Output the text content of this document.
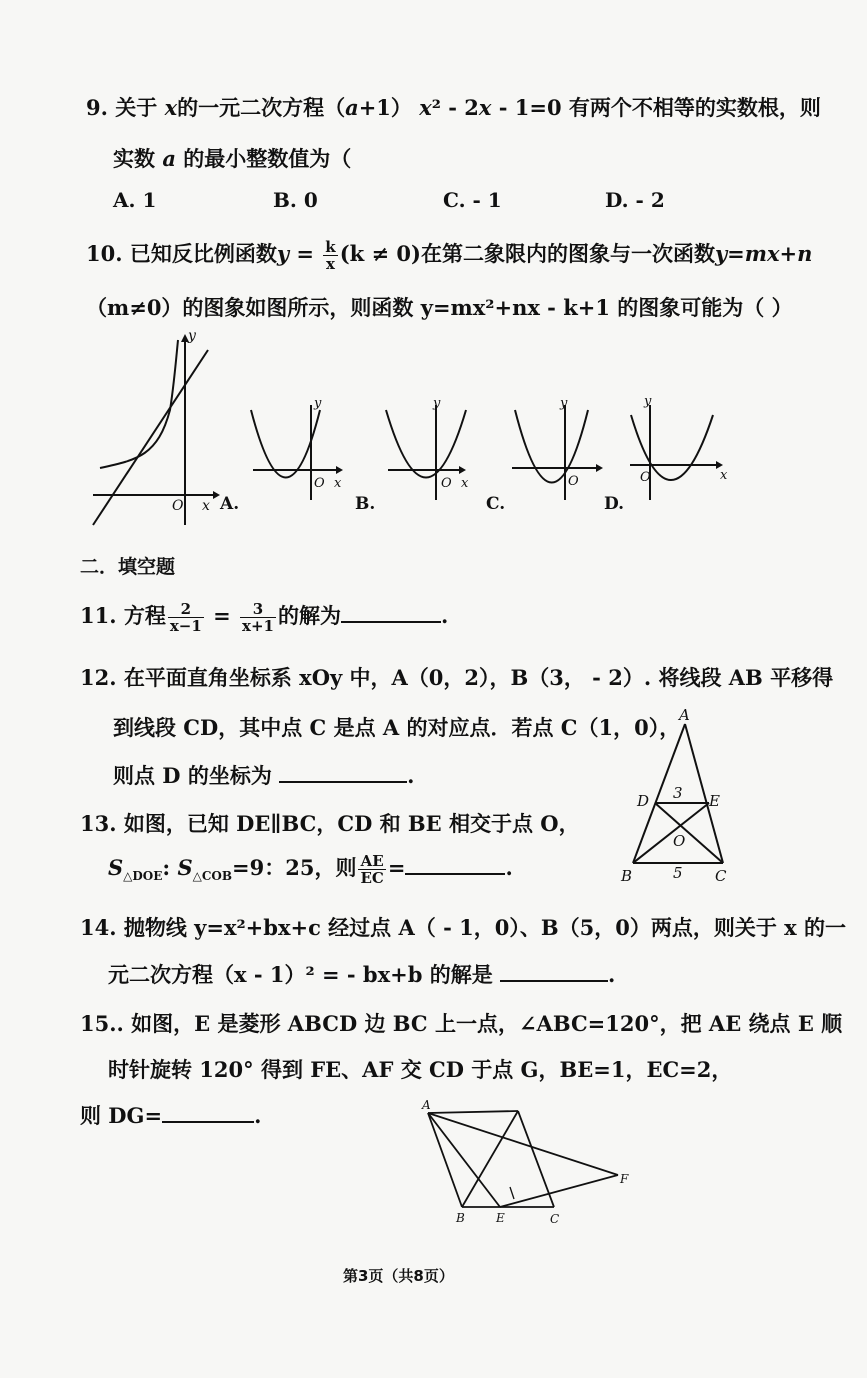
9. 关于 x的一元二次方程（a+1） x² - 2x - 1=0 有两个不相等的实数根，则
实数 a 的最小整数值为（
A. 1	B. 0	C. - 1	D. - 2
10. 已知反比例函数$y = \frac{k}{x} (k \ne 0)$在第二象限内的图象与一次函数y=mx+n
（m≠0）的图象如图所示，则函数 y=mx²+nx - k+1 的图象可能为（ ）
y
O x A.
y
O x
B.
y
O x
C.
y
O
D.
y
O	x
二．填空题
11. 方程 $\frac{2}{x-1} = \frac{3}{x+1}$ 的解为	.
12. 在平面直角坐标系 xOy 中，A（0，2），B（3， - 2）. 将线段 AB 平移得
到线段 CD，其中点 C 是点 A 的对应点．若点 C（1，0），
则点 D 的坐标为	.
13. 如图，已知 DE∥BC，CD 和 BE 相交于点 O，
$S_{\triangle DOE}$: $S_{\triangle COB}=9$：25，则 $\frac{AE}{EC}$ =	.
A
D	E
3
O
B	5 C
14. 抛物线 y=x²+bx+c 经过点 A（ - 1，0）、B（5，0）两点，则关于 x 的一
元二次方程（x - 1）² = - bx+b 的解是	.
15.. 如图，E 是菱形 ABCD 边 BC 上一点，∠ABC=120°，把 AE 绕点 E 顺
时针旋转 120° 得到 FE、AF 交 CD 于点 G，BE=1，EC=2，
则 DG=	.	A
B	E	C
F
第3页（共8页）
